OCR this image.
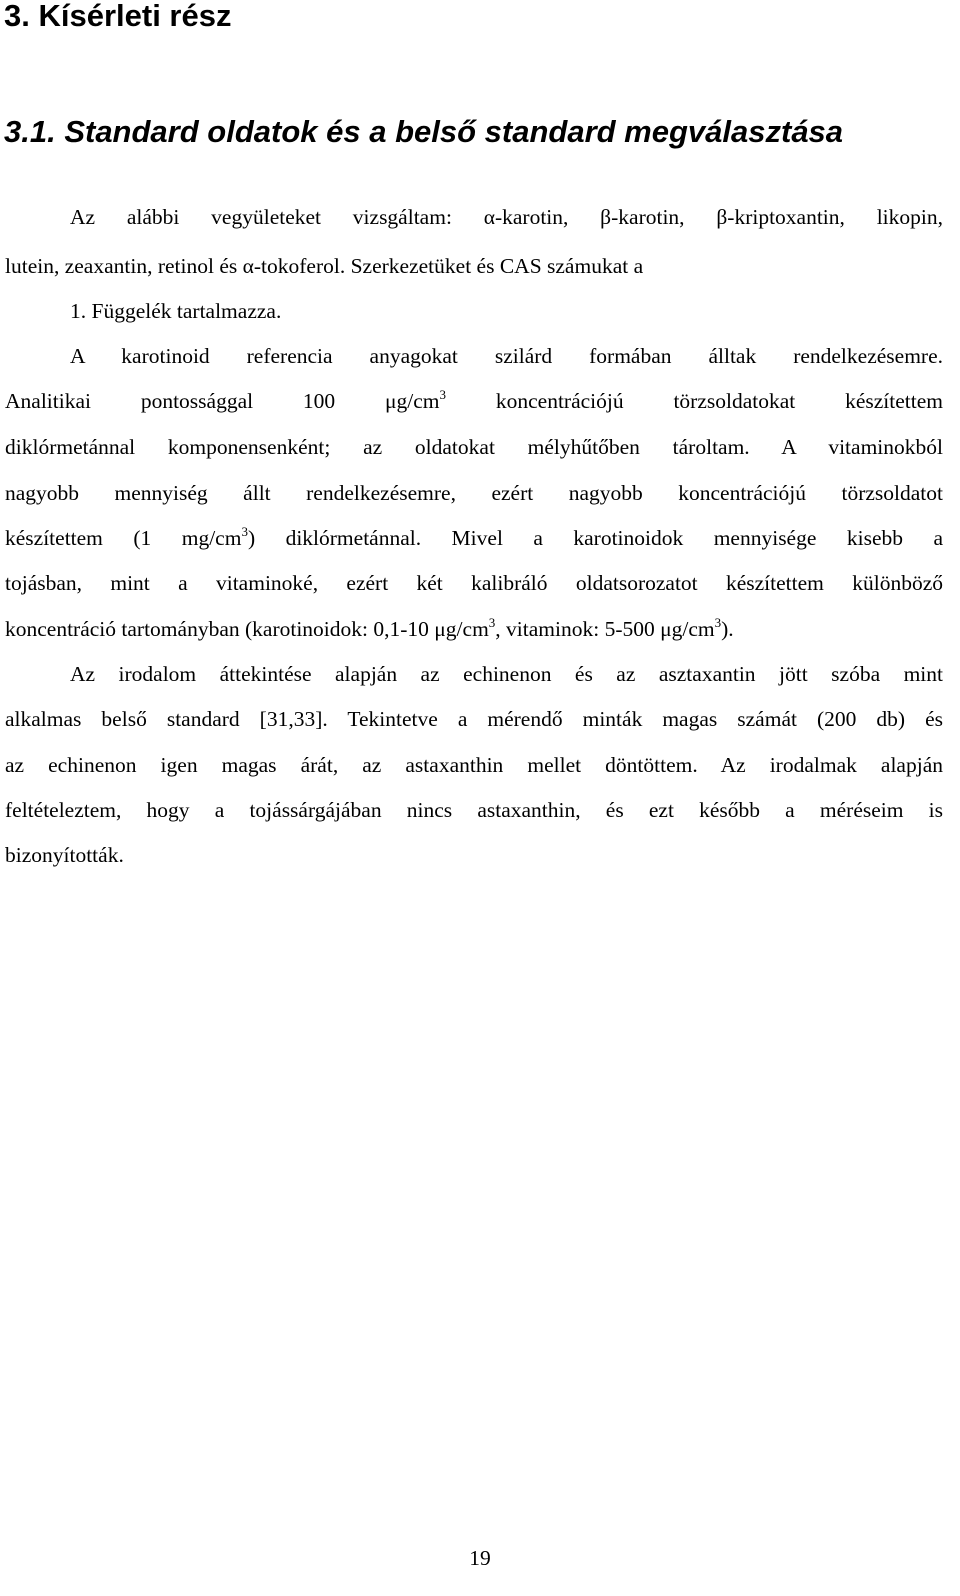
3. Kísérleti rész
3.1. Standard oldatok és a belső standard megválasztása
Az alábbi vegyületeket vizsgáltam: α-karotin, β-karotin, β-kriptoxantin, likopin,
lutein, zeaxantin, retinol és α-tokoferol. Szerkezetüket és CAS számukat a
1. Függelék tartalmazza.
A karotinoid referencia anyagokat szilárd formában álltak rendelkezésemre.
Analitikai pontossággal 100 $\mu g/cm^3$ koncentrációjú törzsoldatokat készítettem
diklórmetánnal komponensenként; az oldatokat mélyhűtőben tároltam. A vitaminokból
nagyobb mennyiség állt rendelkezésemre, ezért nagyobb koncentrációjú törzsoldatot
készítettem (1 $mg/cm^3$) diklórmetánnal. Mivel a karotinoidok mennyisége kisebb a
tojásban, mint a vitaminoké, ezért két kalibráló oldatsorozatot készítettem különböző
koncentráció tartományban (karotinoidok: 0,1-10 $\mu g/cm^3$, vitaminok: 5-500 $\mu g/cm^3$).
Az irodalom áttekintése alapján az echinenon és az asztaxantin jött szóba mint
alkalmas belső standard [31,33]. Tekintetve a mérendő minták magas számát (200 db) és
az echinenon igen magas árát, az astaxanthin mellet döntöttem. Az irodalmak alapján
feltételeztem, hogy a tojássárgájában nincs astaxanthin, és ezt később a méréseim is
bizonyították.
19
